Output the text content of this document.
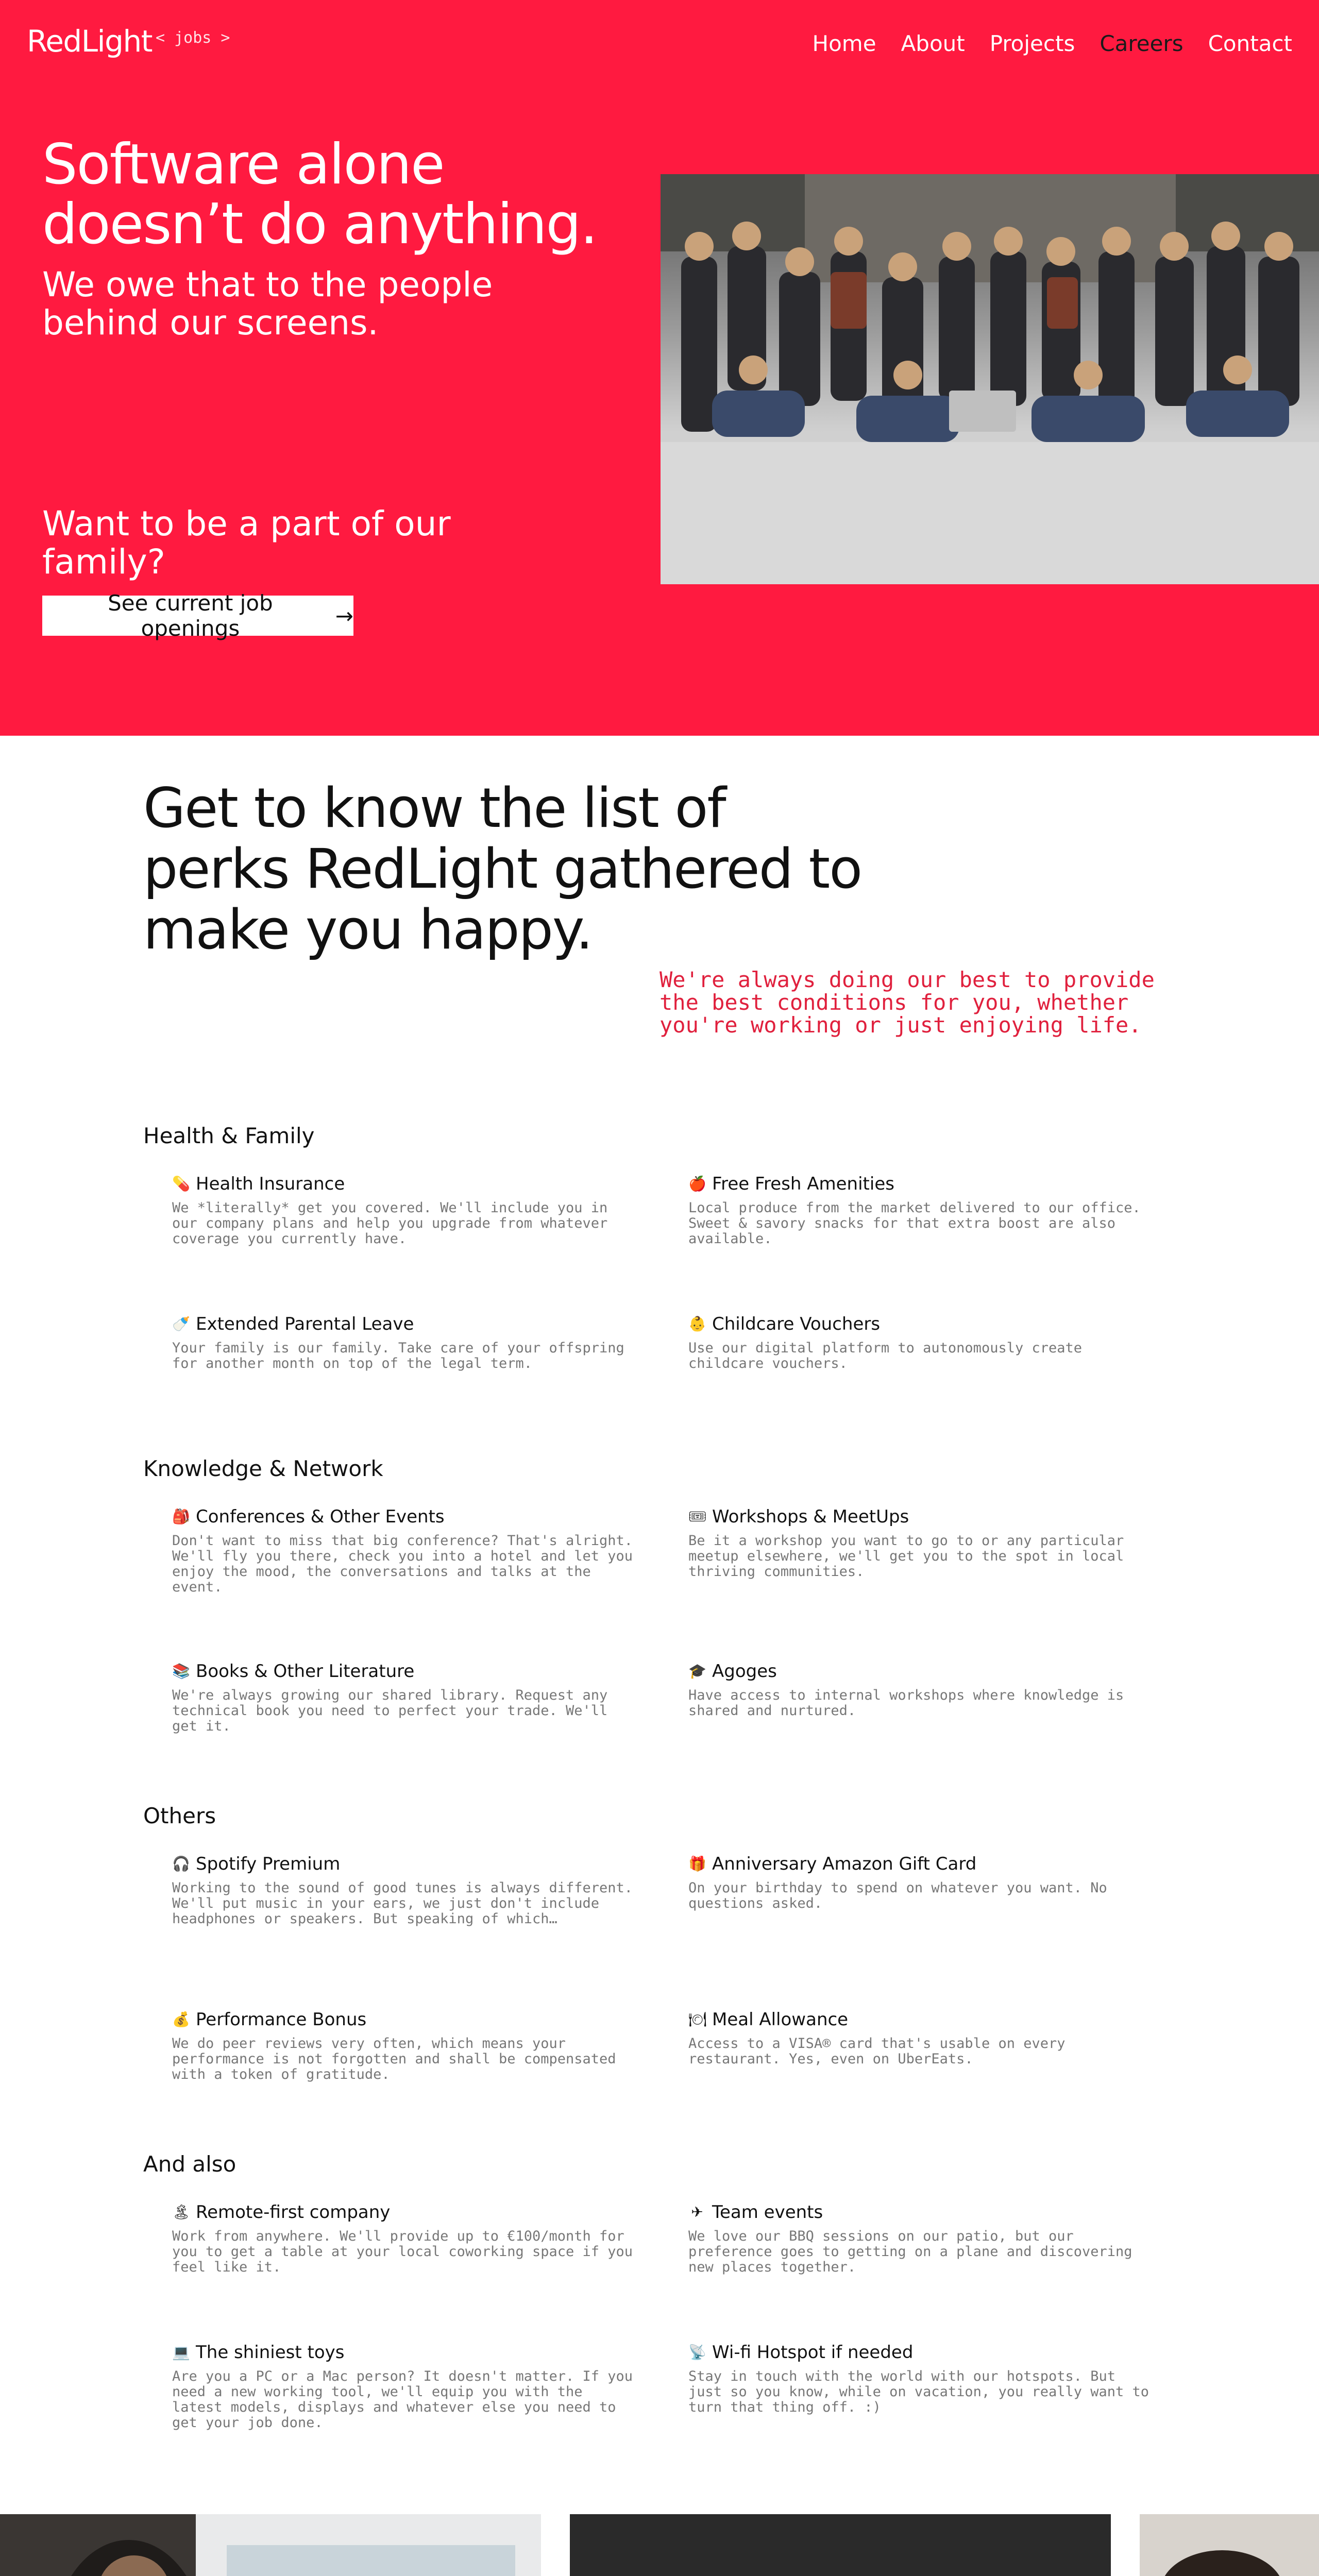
RedLight < jobs >	Home About Projects Careers Contact
Software alone doesn’t do anything.
We owe that to the people behind our screens.
Want to be a part of our family?
See current job openings	→
Get to know the list of perks RedLight gathered to make you happy.
We're always doing our best to provide the best conditions for you, whether you're working or just enjoying life.
Health & Family
💊 Health Insurance
We *literally* get you covered. We'll include you in our company plans and help you upgrade from whatever coverage you currently have.
🍎 Free Fresh Amenities
Local produce from the market delivered to our office. Sweet & savory snacks for that extra boost are also available.
🍼 Extended Parental Leave
Your family is our family. Take care of your offspring for another month on top of the legal term.
👶 Childcare Vouchers
Use our digital platform to autonomously create childcare vouchers.
Knowledge & Network
🎒 Conferences & Other Events
Don't want to miss that big conference? That's alright. We'll fly you there, check you into a hotel and let you enjoy the mood, the conversations and talks at the event.
🎟 Workshops & MeetUps
Be it a workshop you want to go to or any particular meetup elsewhere, we'll get you to the spot in local thriving communities.
📚 Books & Other Literature
We're always growing our shared library. Request any technical book you need to perfect your trade. We'll get it.
🎓 Agoges
Have access to internal workshops where knowledge is shared and nurtured.
Others
🎧 Spotify Premium
Working to the sound of good tunes is always different. We'll put music in your ears, we just don't include headphones or speakers. But speaking of which…
🎁 Anniversary Amazon Gift Card
On your birthday to spend on whatever you want. No questions asked.
💰 Performance Bonus
We do peer reviews very often, which means your performance is not forgotten and shall be compensated with a token of gratitude.
🍽 Meal Allowance
Access to a VISA® card that's usable on every restaurant. Yes, even on UberEats.
And also
🏝 Remote-first company
Work from anywhere. We'll provide up to €100/month for you to get a table at your local coworking space if you feel like it.
✈ Team events
We love our BBQ sessions on our patio, but our preference goes to getting on a plane and discovering new places together.
💻 The shiniest toys
Are you a PC or a Mac person? It doesn't matter. If you need a new working tool, we'll equip you with the latest models, displays and whatever else you need to get your job done.
📡 Wi-fi Hotspot if needed
Stay in touch with the world with our hotspots. But just so you know, while on vacation, you really want to turn that thing off. :)
